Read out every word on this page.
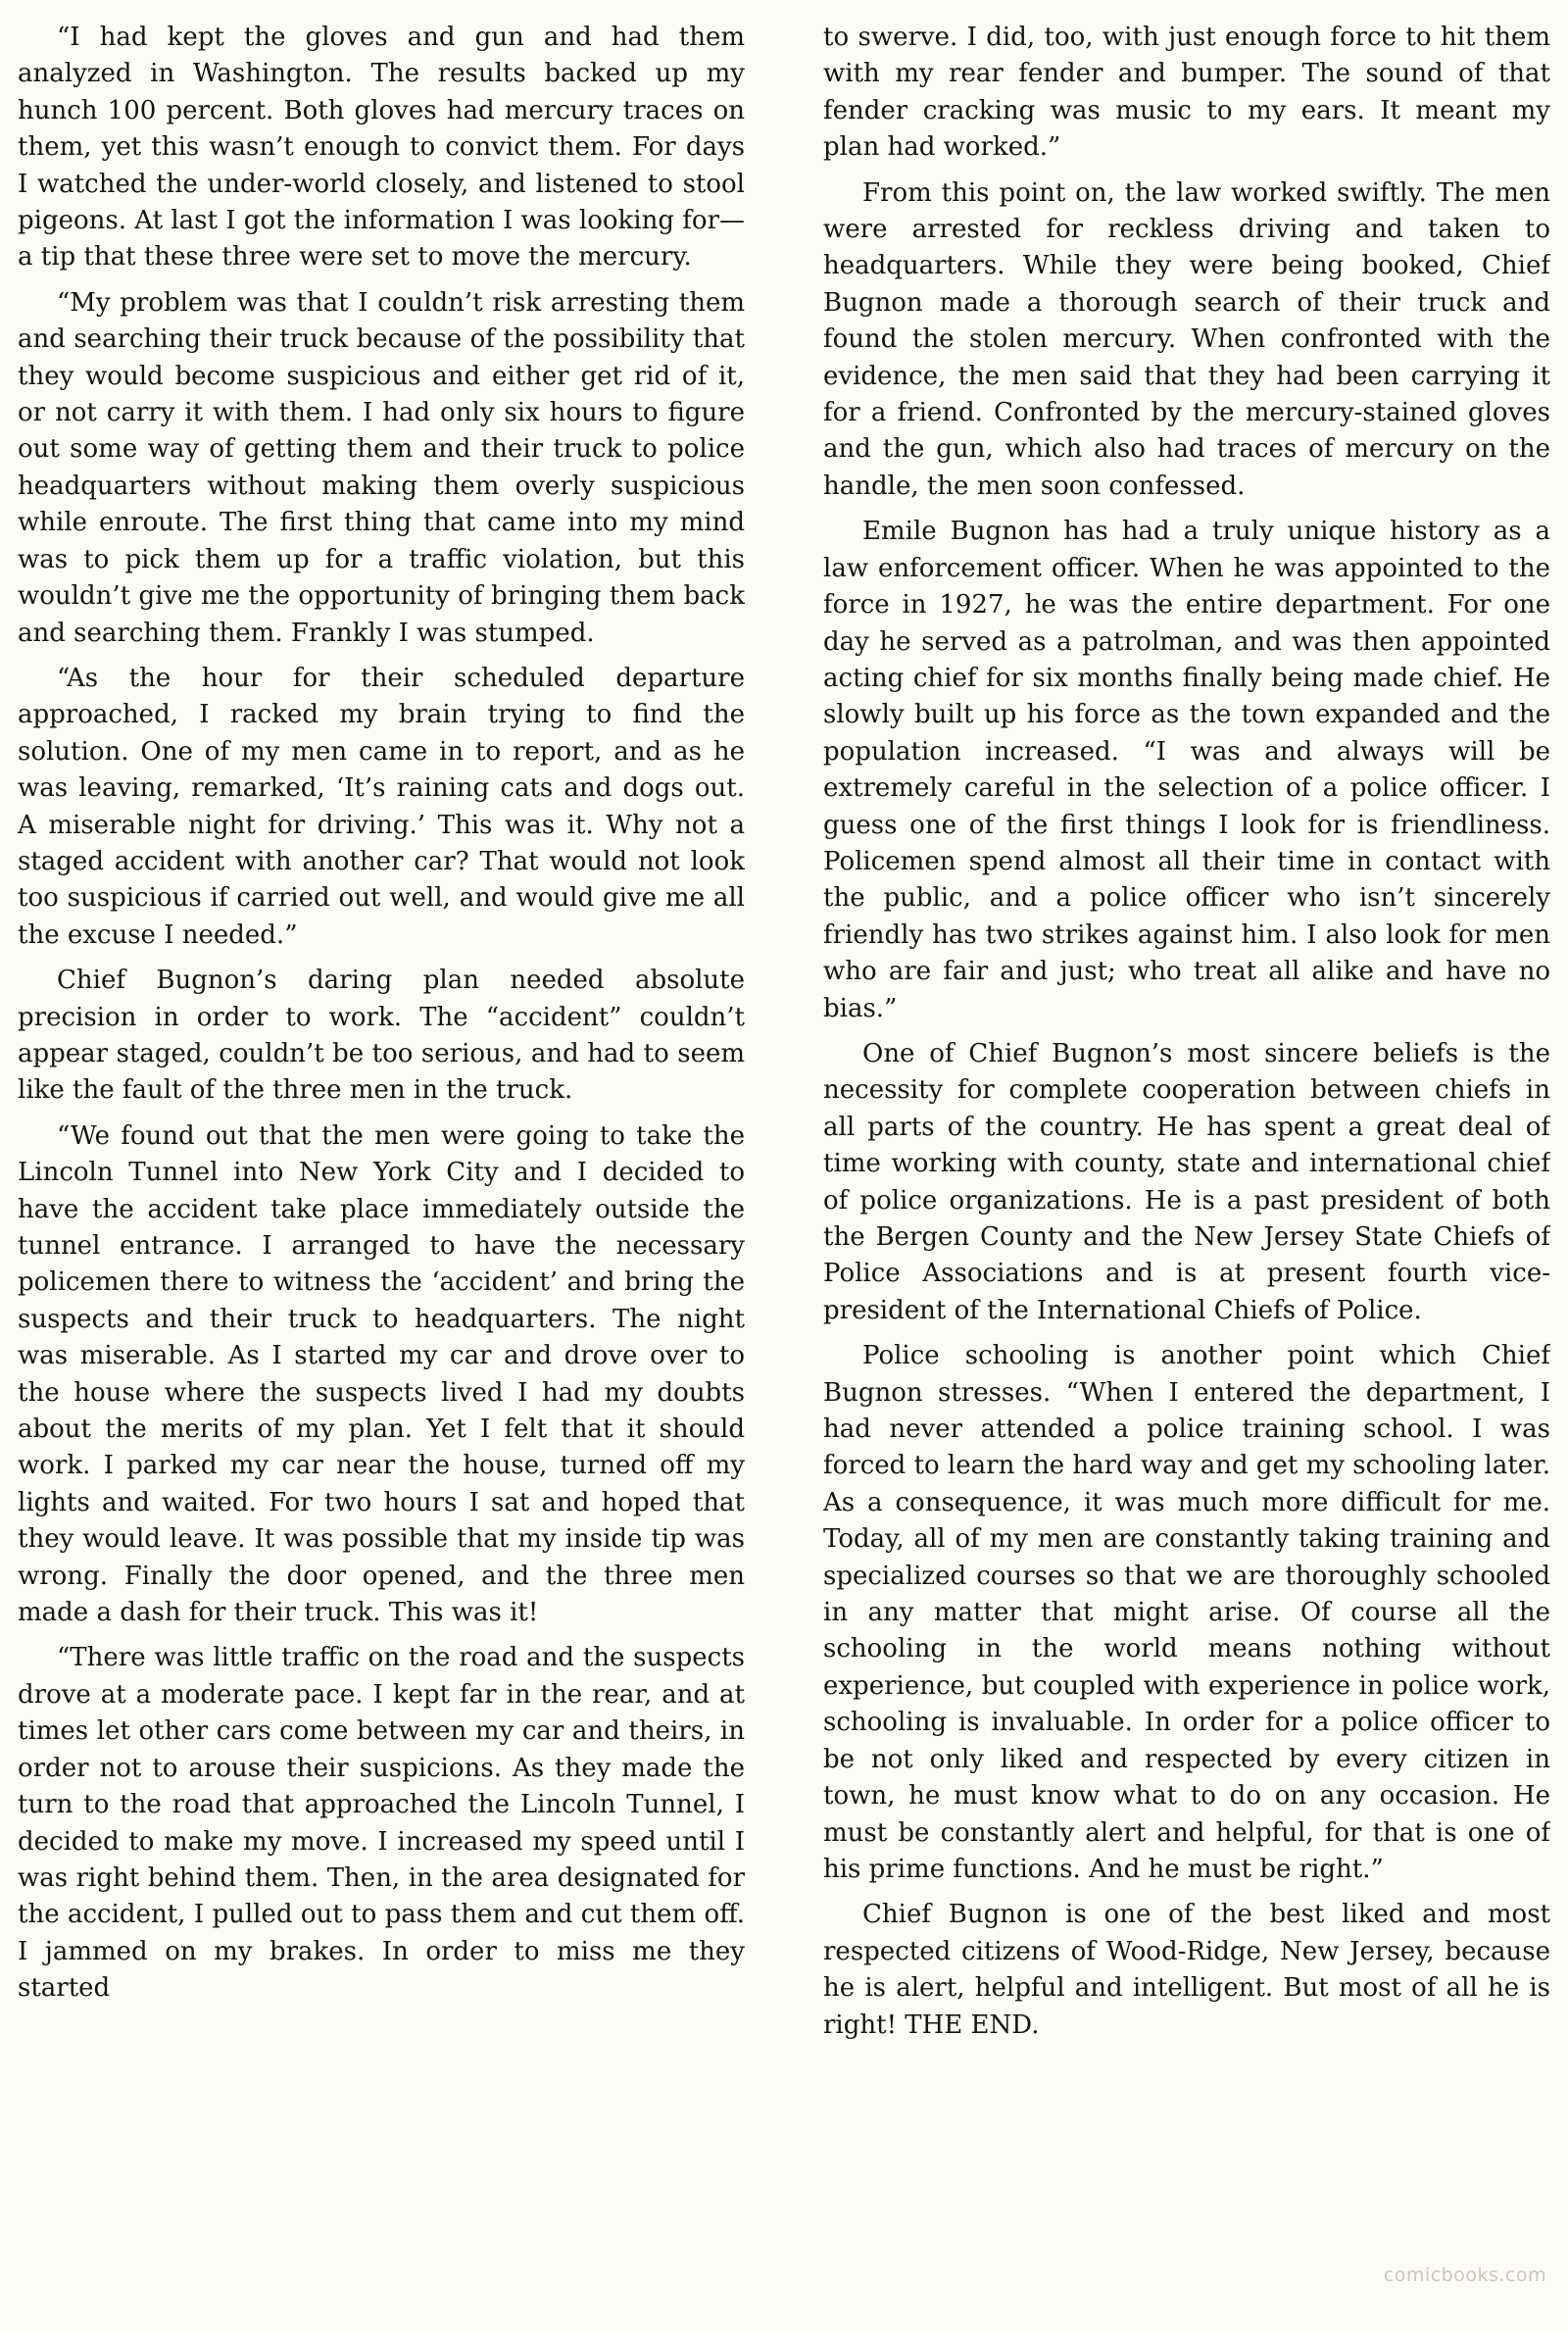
“I had kept the gloves and gun and had them analyzed in Washington. The results backed up my hunch 100 percent. Both gloves had mercury traces on them, yet this wasn’t enough to convict them. For days I watched the under-world closely, and listened to stool pigeons. At last I got the information I was looking for—a tip that these three were set to move the mercury.

“My problem was that I couldn’t risk arresting them and searching their truck because of the possibility that they would become suspicious and either get rid of it, or not carry it with them. I had only six hours to figure out some way of getting them and their truck to police headquarters without making them overly suspicious while enroute. The first thing that came into my mind was to pick them up for a traffic violation, but this wouldn’t give me the opportunity of bringing them back and searching them. Frankly I was stumped.

“As the hour for their scheduled departure approached, I racked my brain trying to find the solution. One of my men came in to report, and as he was leaving, remarked, ‘It’s raining cats and dogs out. A miserable night for driving.’ This was it. Why not a staged accident with another car? That would not look too suspicious if carried out well, and would give me all the excuse I needed.”

Chief Bugnon’s daring plan needed absolute precision in order to work. The “accident” couldn’t appear staged, couldn’t be too serious, and had to seem like the fault of the three men in the truck.

“We found out that the men were going to take the Lincoln Tunnel into New York City and I decided to have the accident take place immediately outside the tunnel entrance. I arranged to have the necessary policemen there to witness the ‘accident’ and bring the suspects and their truck to headquarters. The night was miserable. As I started my car and drove over to the house where the suspects lived I had my doubts about the merits of my plan. Yet I felt that it should work. I parked my car near the house, turned off my lights and waited. For two hours I sat and hoped that they would leave. It was possible that my inside tip was wrong. Finally the door opened, and the three men made a dash for their truck. This was it!

“There was little traffic on the road and the suspects drove at a moderate pace. I kept far in the rear, and at times let other cars come between my car and theirs, in order not to arouse their suspicions. As they made the turn to the road that approached the Lincoln Tunnel, I decided to make my move. I increased my speed until I was right behind them. Then, in the area designated for the accident, I pulled out to pass them and cut them off. I jammed on my brakes. In order to miss me they started

to swerve. I did, too, with just enough force to hit them with my rear fender and bumper. The sound of that fender cracking was music to my ears. It meant my plan had worked.”

From this point on, the law worked swiftly. The men were arrested for reckless driving and taken to headquarters. While they were being booked, Chief Bugnon made a thorough search of their truck and found the stolen mercury. When confronted with the evidence, the men said that they had been carrying it for a friend. Confronted by the mercury-stained gloves and the gun, which also had traces of mercury on the handle, the men soon confessed.

Emile Bugnon has had a truly unique history as a law enforcement officer. When he was appointed to the force in 1927, he was the entire department. For one day he served as a patrolman, and was then appointed acting chief for six months finally being made chief. He slowly built up his force as the town expanded and the population increased. “I was and always will be extremely careful in the selection of a police officer. I guess one of the first things I look for is friendliness. Policemen spend almost all their time in contact with the public, and a police officer who isn’t sincerely friendly has two strikes against him. I also look for men who are fair and just; who treat all alike and have no bias.”

One of Chief Bugnon’s most sincere beliefs is the necessity for complete cooperation between chiefs in all parts of the country. He has spent a great deal of time working with county, state and international chief of police organizations. He is a past president of both the Bergen County and the New Jersey State Chiefs of Police Associations and is at present fourth vice-president of the International Chiefs of Police.

Police schooling is another point which Chief Bugnon stresses. “When I entered the department, I had never attended a police training school. I was forced to learn the hard way and get my schooling later. As a consequence, it was much more difficult for me. Today, all of my men are constantly taking training and specialized courses so that we are thoroughly schooled in any matter that might arise. Of course all the schooling in the world means nothing without experience, but coupled with experience in police work, schooling is invaluable. In order for a police officer to be not only liked and respected by every citizen in town, he must know what to do on any occasion. He must be constantly alert and helpful, for that is one of his prime functions. And he must be right.”

Chief Bugnon is one of the best liked and most respected citizens of Wood-Ridge, New Jersey, because he is alert, helpful and intelligent. But most of all he is right! THE END.

comicbooks.com
